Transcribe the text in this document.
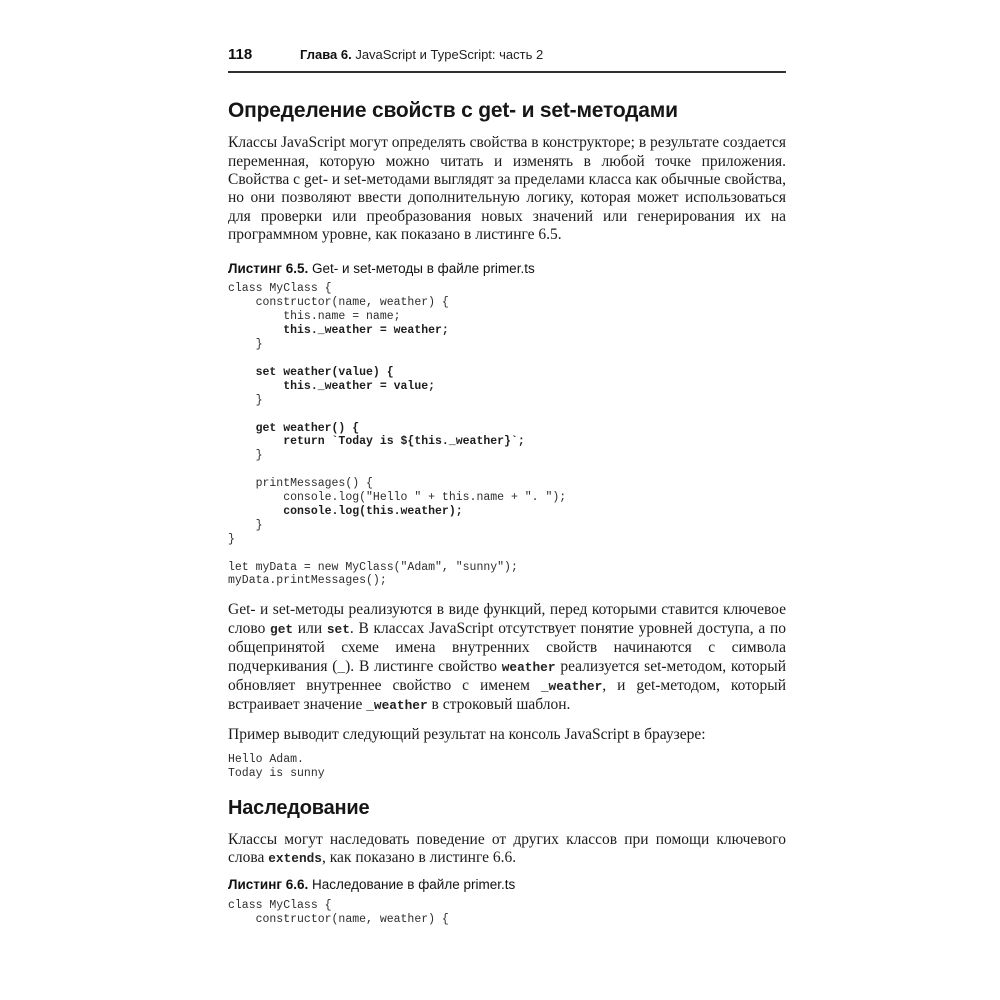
118	Глава 6. JavaScript и TypeScript: часть 2
Определение свойств с get- и set-методами

Классы JavaScript могут определять свойства в конструкторе; в результате создается переменная, которую можно читать и изменять в любой точке приложения. Свойства с get- и set-методами выглядят за пределами класса как обычные свойства, но они позволяют ввести дополнительную логику, которая может использоваться для проверки или преобразования новых значений или генерирования их на программном уровне, как показано в листинге 6.5.

Листинг 6.5. Get- и set-методы в файле primer.ts
class MyClass {
constructor(name, weather) {
this.name = name;
this._weather = weather;
}

set weather(value) {
this._weather = value;
}

get weather() {
return `Today is ${this._weather}`;
}

printMessages() {
console.log("Hello " + this.name + ". ");
console.log(this.weather);
}
}

let myData = new MyClass("Adam", "sunny");
myData.printMessages();

Get- и set-методы реализуются в виде функций, перед которыми ставится ключевое слово get или set. В классах JavaScript отсутствует понятие уровней доступа, а по общепринятой схеме имена внутренних свойств начинаются с символа подчеркивания (_). В листинге свойство weather реализуется set-методом, который обновляет внутреннее свойство с именем _weather, и get-методом, который встраивает значение _weather в строковый шаблон.

Пример выводит следующий результат на консоль JavaScript в браузере:

Hello Adam.
Today is sunny
Наследование

Классы могут наследовать поведение от других классов при помощи ключевого слова extends, как показано в листинге 6.6.

Листинг 6.6. Наследование в файле primer.ts
class MyClass {
constructor(name, weather) {
